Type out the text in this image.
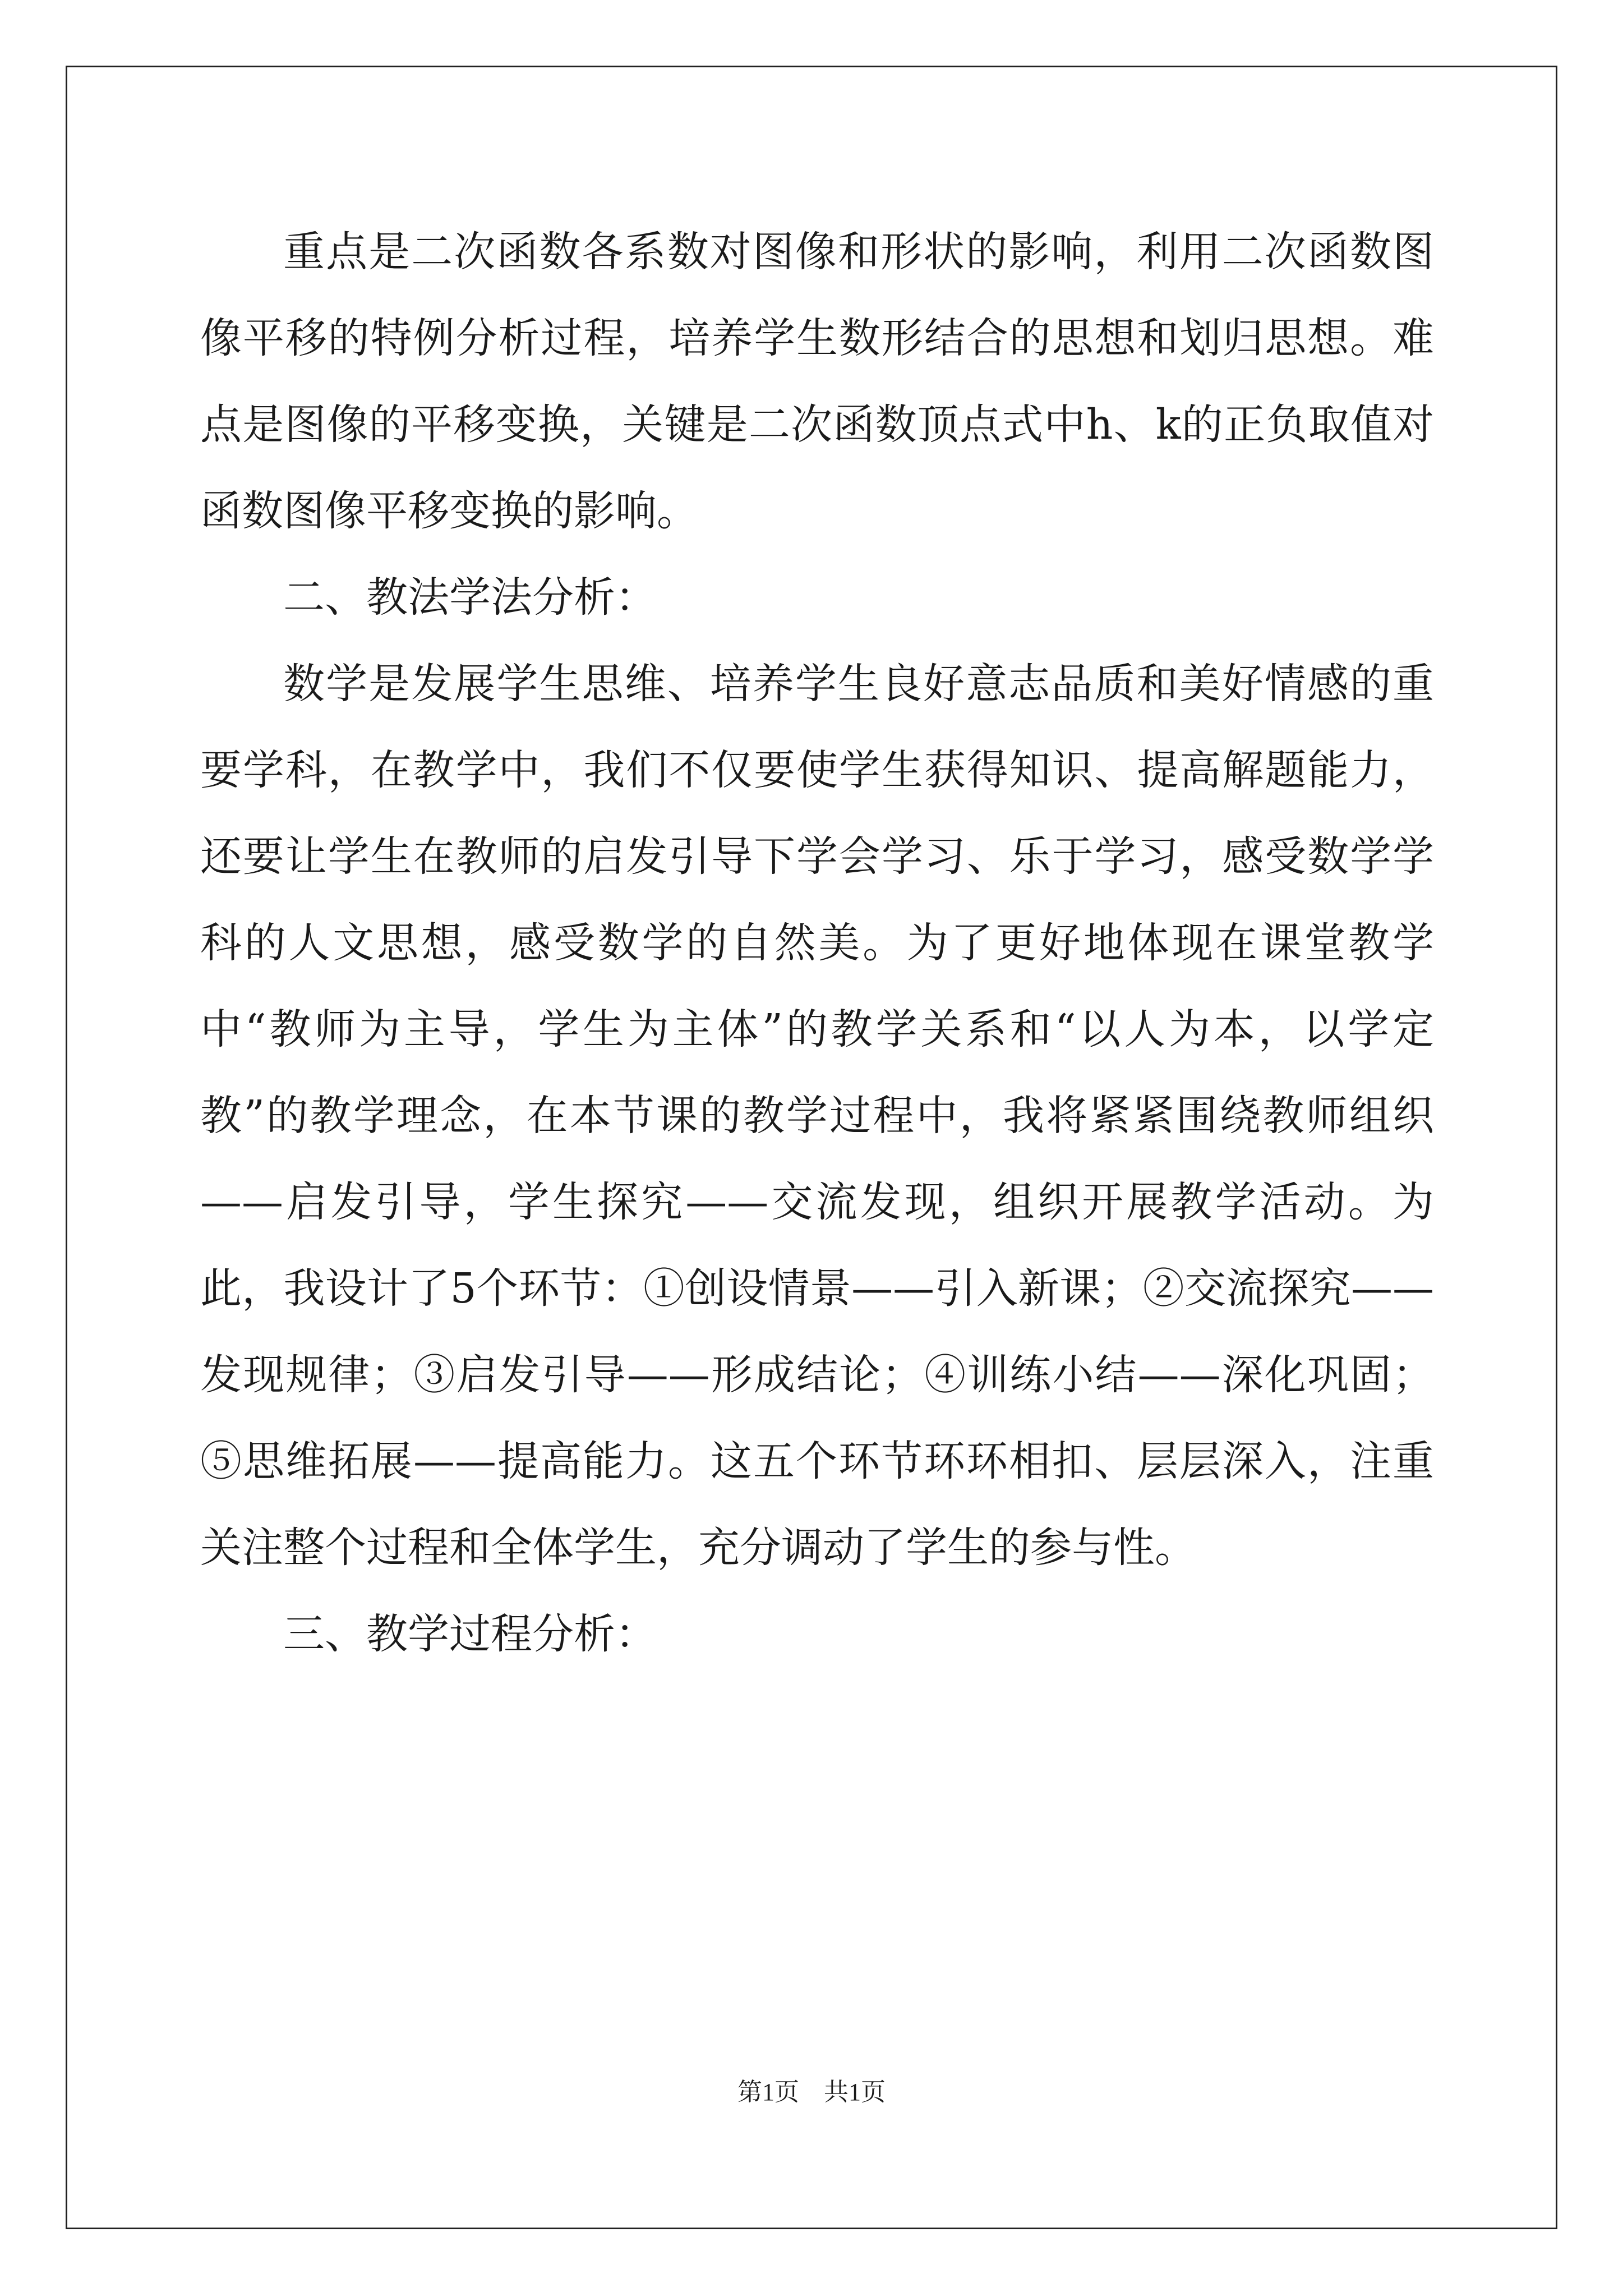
重点是二次函数各系数对图像和形状的影响，利用二次函数图像平移的特例分析过程，培养学生数形结合的思想和划归思想。难点是图像的平移变换，关键是二次函数顶点式中h、k的正负取值对函数图像平移变换的影响。

二、教法学法分析：

数学是发展学生思维、培养学生良好意志品质和美好情感的重要学科，在教学中，我们不仅要使学生获得知识、提高解题能力，还要让学生在教师的启发引导下学会学习、乐于学习，感受数学学科的人文思想，感受数学的自然美。为了更好地体现在课堂教学中“教师为主导，学生为主体”的教学关系和“以人为本，以学定教”的教学理念，在本节课的教学过程中，我将紧紧围绕教师组织——启发引导，学生探究——交流发现，组织开展教学活动。为此，我设计了5个环节：①创设情景——引入新课；②交流探究——发现规律；③启发引导——形成结论；④训练小结——深化巩固；⑤思维拓展——提高能力。这五个环节环环相扣、层层深入，注重关注整个过程和全体学生，充分调动了学生的参与性。

三、教学过程分析：

第1页　共1页
